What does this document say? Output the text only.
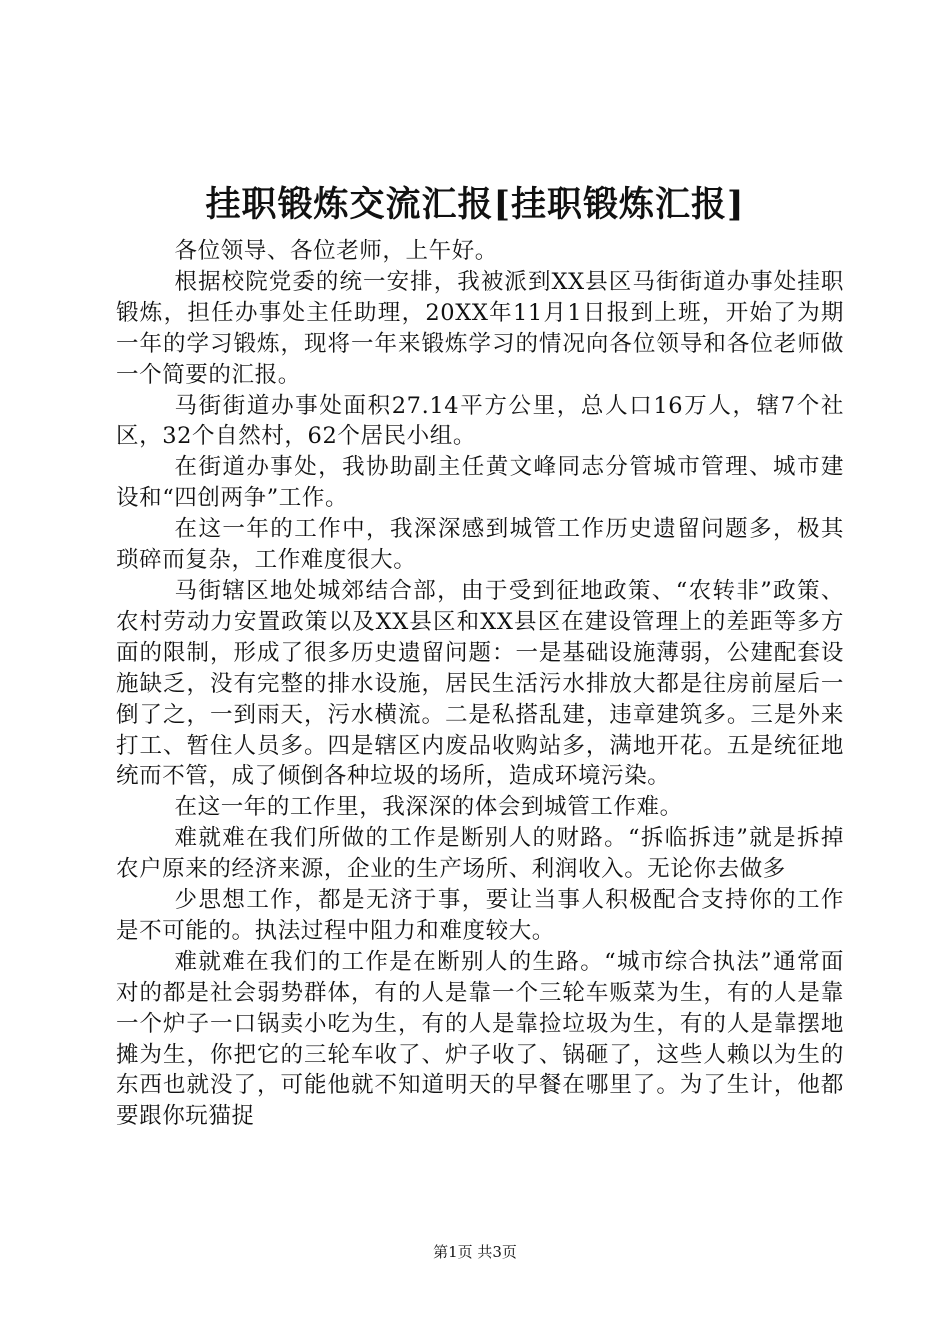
挂职锻炼交流汇报[挂职锻炼汇报]

各位领导、各位老师，上午好。

根据校院党委的统一安排，我被派到XX县区马街街道办事处挂职锻炼，担任办事处主任助理，20XX年11月1日报到上班，开始了为期一年的学习锻炼，现将一年来锻炼学习的情况向各位领导和各位老师做一个简要的汇报。

马街街道办事处面积27.14平方公里，总人口16万人，辖7个社区，32个自然村，62个居民小组。

在街道办事处，我协助副主任黄文峰同志分管城市管理、城市建设和“四创两争”工作。

在这一年的工作中，我深深感到城管工作历史遗留问题多，极其琐碎而复杂，工作难度很大。

马街辖区地处城郊结合部，由于受到征地政策、“农转非”政策、农村劳动力安置政策以及XX县区和XX县区在建设管理上的差距等多方面的限制，形成了很多历史遗留问题：一是基础设施薄弱，公建配套设施缺乏，没有完整的排水设施，居民生活污水排放大都是往房前屋后一倒了之，一到雨天，污水横流。二是私搭乱建，违章建筑多。三是外来打工、暂住人员多。四是辖区内废品收购站多，满地开花。五是统征地统而不管，成了倾倒各种垃圾的场所，造成环境污染。

在这一年的工作里，我深深的体会到城管工作难。

难就难在我们所做的工作是断别人的财路。“拆临拆违”就是拆掉农户原来的经济来源，企业的生产场所、利润收入。无论你去做多

少思想工作，都是无济于事，要让当事人积极配合支持你的工作是不可能的。执法过程中阻力和难度较大。

难就难在我们的工作是在断别人的生路。“城市综合执法”通常面对的都是社会弱势群体，有的人是靠一个三轮车贩菜为生，有的人是靠一个炉子一口锅卖小吃为生，有的人是靠捡垃圾为生，有的人是靠摆地摊为生，你把它的三轮车收了、炉子收了、锅砸了，这些人赖以为生的东西也就没了，可能他就不知道明天的早餐在哪里了。为了生计，他都要跟你玩猫捉

第1页 共3页
